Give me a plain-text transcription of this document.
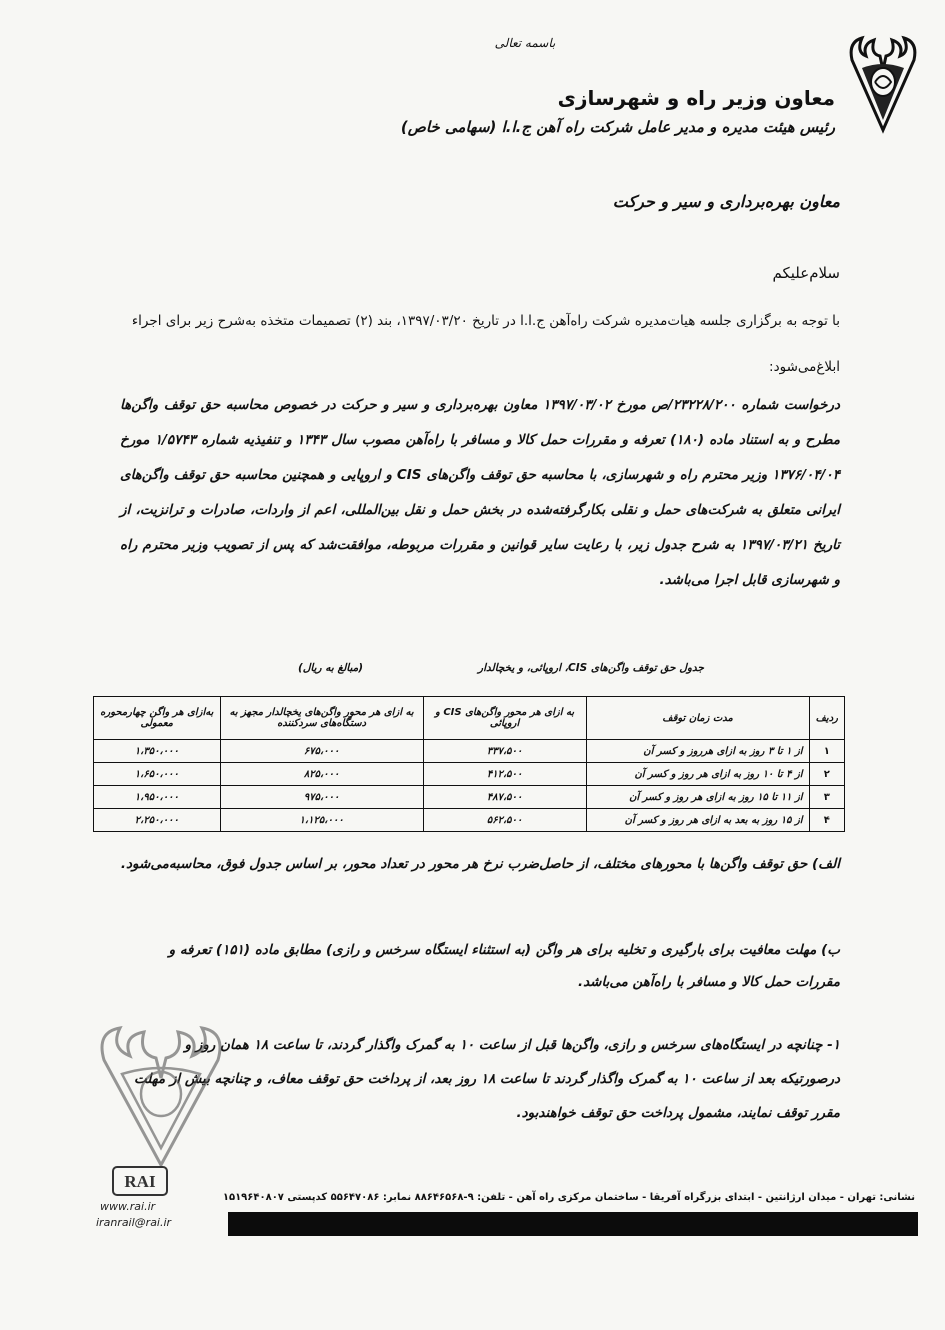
باسمه تعالی
معاون وزیر راه و شهرسازی
رئیس هیئت مدیره و مدیر عامل شرکت راه آهن ج.ا.ا (سهامی خاص)
معاون بهره‌برداری و سیر و حرکت
سلام‌علیکم
با توجه به برگزاری جلسه هیات‌مدیره شرکت راه‌آهن ج.ا.ا در تاریخ ۱۳۹۷/۰۳/۲۰، بند (۲) تصمیمات متخذه به‌شرح زیر برای اجراء ابلاغ‌می‌شود:
درخواست شماره ۲۳۲۲۸/۲۰۰/ص مورخ ۱۳۹۷/۰۳/۰۲ معاون بهره‌برداری و سیر و حرکت در خصوص محاسبه حق توقف واگن‌ها مطرح و به استناد ماده (۱۸۰) تعرفه و مقررات حمل کالا و مسافر با راه‌آهن مصوب سال ۱۳۴۳ و تنفیذیه شماره ۱/۵۷۴۳ مورخ ۱۳۷۶/۰۴/۰۴ وزیر محترم راه و شهرسازی، با محاسبه حق توقف واگن‌های CIS و اروپایی و همچنین محاسبه حق توقف واگن‌های ایرانی متعلق به شرکت‌های حمل و نقلی بکارگرفته‌شده در بخش حمل و نقل بین‌المللی، اعم از واردات، صادرات و ترانزیت، از تاریخ ۱۳۹۷/۰۳/۲۱ به شرح جدول زیر، با رعایت سایر قوانین و مقررات مربوطه، موافقت‌شد که پس از تصویب وزیر محترم راه و شهرسازی قابل اجرا می‌باشد.
جدول حق توقف واگن‌های CIS، اروپائی، و یخچالدار
(مبالغ به ریال)
ردیف	مدت زمان توقف	به ازای هر محور واگن‌های CIS و اروپائی	به ازای هر محور واگن‌های یخچالدار مجهز به دستگاه‌های سردکننده	به‌ازای هر واگن چهارمحوره معمولی
۱	از ۱ تا ۳ روز به ازای هرروز و کسر آن	۳۳۷،۵۰۰	۶۷۵،۰۰۰	۱،۳۵۰،۰۰۰
۲	از ۴ تا ۱۰ روز به ازای هر روز و کسر آن	۴۱۲،۵۰۰	۸۲۵،۰۰۰	۱،۶۵۰،۰۰۰
۳	از ۱۱ تا ۱۵ روز به ازای هر روز و کسر آن	۴۸۷،۵۰۰	۹۷۵،۰۰۰	۱،۹۵۰،۰۰۰
۴	از ۱۵ روز به بعد به ازای هر روز و کسر آن	۵۶۲،۵۰۰	۱،۱۲۵،۰۰۰	۲،۲۵۰،۰۰۰
الف) حق توقف واگن‌ها با محورهای مختلف، از حاصل‌ضرب نرخ هر محور در تعداد محور، بر اساس جدول فوق، محاسبه‌می‌شود.
ب) مهلت معافیت برای بارگیری و تخلیه برای هر واگن (به استثناء ایستگاه سرخس و رازی) مطابق ماده (۱۵۱) تعرفه و مقررات حمل کالا و مسافر با راه‌آهن می‌باشد.
۱- چنانچه در ایستگاه‌های سرخس و رازی، واگن‌ها قبل از ساعت ۱۰ به گمرک واگذار گردند، تا ساعت ۱۸ همان روز و درصورتیکه بعد از ساعت ۱۰ به گمرک واگذار گردند تا ساعت ۱۸ روز بعد، از پرداخت حق توقف معاف، و چنانچه بیش از مهلت مقرر توقف نمایند، مشمول پرداخت حق توقف خواهندبود.
RAI
www.rai.ir
iranrail@rai.ir
نشانی: تهران - میدان ارژانتین - ابتدای بزرگراه آفریقا - ساختمان مرکزی راه آهن - تلفن: ۹-۸۸۶۴۶۵۶۸ نمابر: ۵۵۶۴۷۰۸۶ کدپستی ۱۵۱۹۶۴۰۸۰۷
